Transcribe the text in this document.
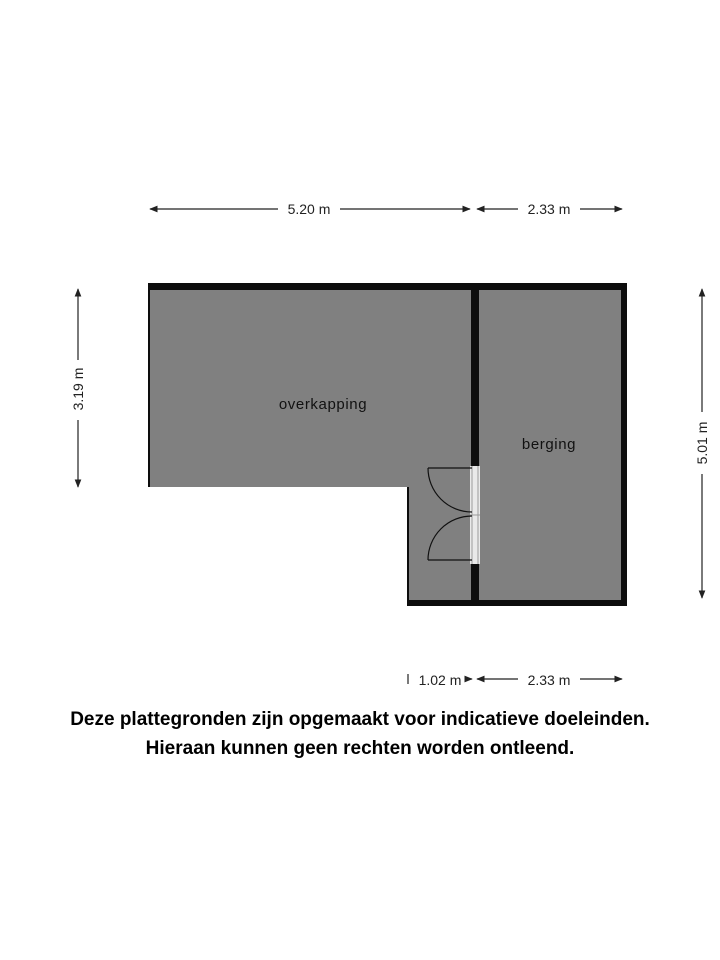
5.20 m	2.33 m
3.19 m
5.01 m
overkapping
berging
1.02 m	2.33 m
Deze plattegronden zijn opgemaakt voor indicatieve doeleinden.
Hieraan kunnen geen rechten worden ontleend.
